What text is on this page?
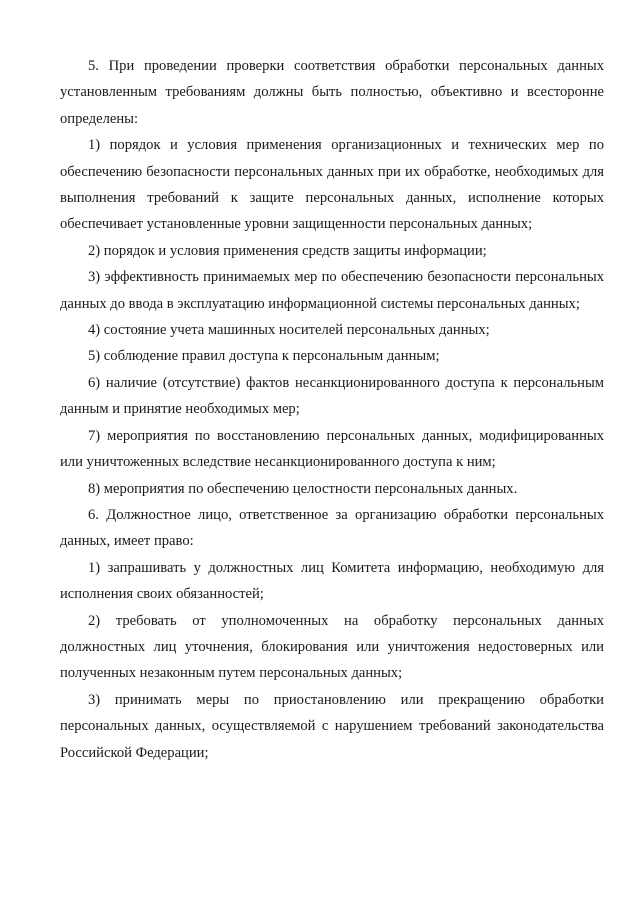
5. При проведении проверки соответствия обработки персональных данных установленным требованиям должны быть полностью, объективно и всесторонне определены:

1) порядок и условия применения организационных и технических мер по обеспечению безопасности персональных данных при их обработке, необходимых для выполнения требований к защите персональных данных, исполнение которых обеспечивает установленные уровни защищенности персональных данных;

2) порядок и условия применения средств защиты информации;

3) эффективность принимаемых мер по обеспечению безопасности персональных данных до ввода в эксплуатацию информационной системы персональных данных;

4) состояние учета машинных носителей персональных данных;

5) соблюдение правил доступа к персональным данным;

6) наличие (отсутствие) фактов несанкционированного доступа к персональным данным и принятие необходимых мер;

7) мероприятия по восстановлению персональных данных, модифицированных или уничтоженных вследствие несанкционированного доступа к ним;

8) мероприятия по обеспечению целостности персональных данных.

6. Должностное лицо, ответственное за организацию обработки персональных данных, имеет право:

1) запрашивать у должностных лиц Комитета информацию, необходимую для исполнения своих обязанностей;

2) требовать от уполномоченных на обработку персональных данных должностных лиц уточнения, блокирования или уничтожения недостоверных или полученных незаконным путем персональных данных;

3) принимать меры по приостановлению или прекращению обработки персональных данных, осуществляемой с нарушением требований законодательства Российской Федерации;
